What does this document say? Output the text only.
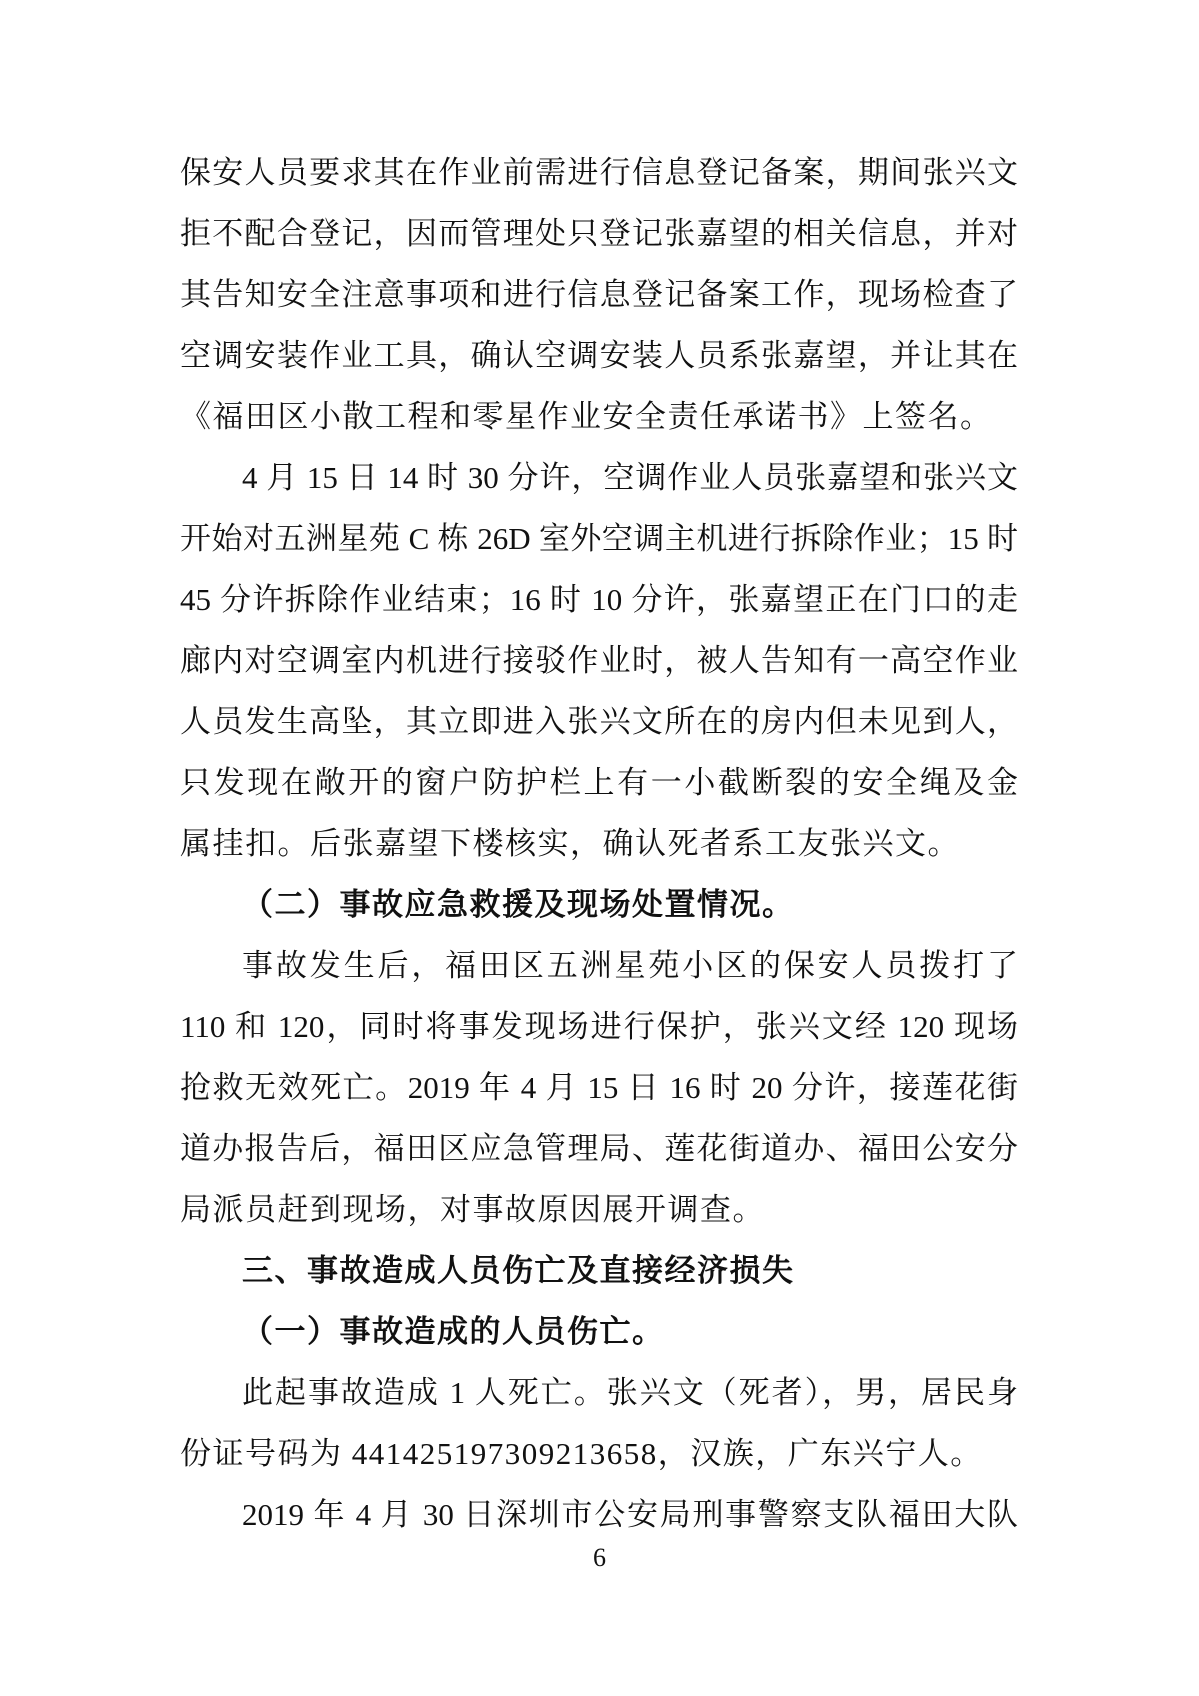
保安人员要求其在作业前需进行信息登记备案，期间张兴文
拒不配合登记，因而管理处只登记张嘉望的相关信息，并对
其告知安全注意事项和进行信息登记备案工作，现场检查了
空调安装作业工具，确认空调安装人员系张嘉望，并让其在
《福田区小散工程和零星作业安全责任承诺书》上签名。
4 月 15 日 14 时 30 分许，空调作业人员张嘉望和张兴文
开始对五洲星苑 C 栋 26D 室外空调主机进行拆除作业；15 时
45 分许拆除作业结束；16 时 10 分许，张嘉望正在门口的走
廊内对空调室内机进行接驳作业时，被人告知有一高空作业
人员发生高坠，其立即进入张兴文所在的房内但未见到人，
只发现在敞开的窗户防护栏上有一小截断裂的安全绳及金
属挂扣。后张嘉望下楼核实，确认死者系工友张兴文。
（二）事故应急救援及现场处置情况。
事故发生后，福田区五洲星苑小区的保安人员拨打了
110 和 120，同时将事发现场进行保护，张兴文经 120 现场
抢救无效死亡。2019 年 4 月 15 日 16 时 20 分许，接莲花街
道办报告后，福田区应急管理局、莲花街道办、福田公安分
局派员赶到现场，对事故原因展开调查。
三、事故造成人员伤亡及直接经济损失
（一）事故造成的人员伤亡。
此起事故造成 1 人死亡。张兴文（死者），男，居民身
份证号码为 441425197309213658，汉族，广东兴宁人。
2019 年 4 月 30 日深圳市公安局刑事警察支队福田大队
6
